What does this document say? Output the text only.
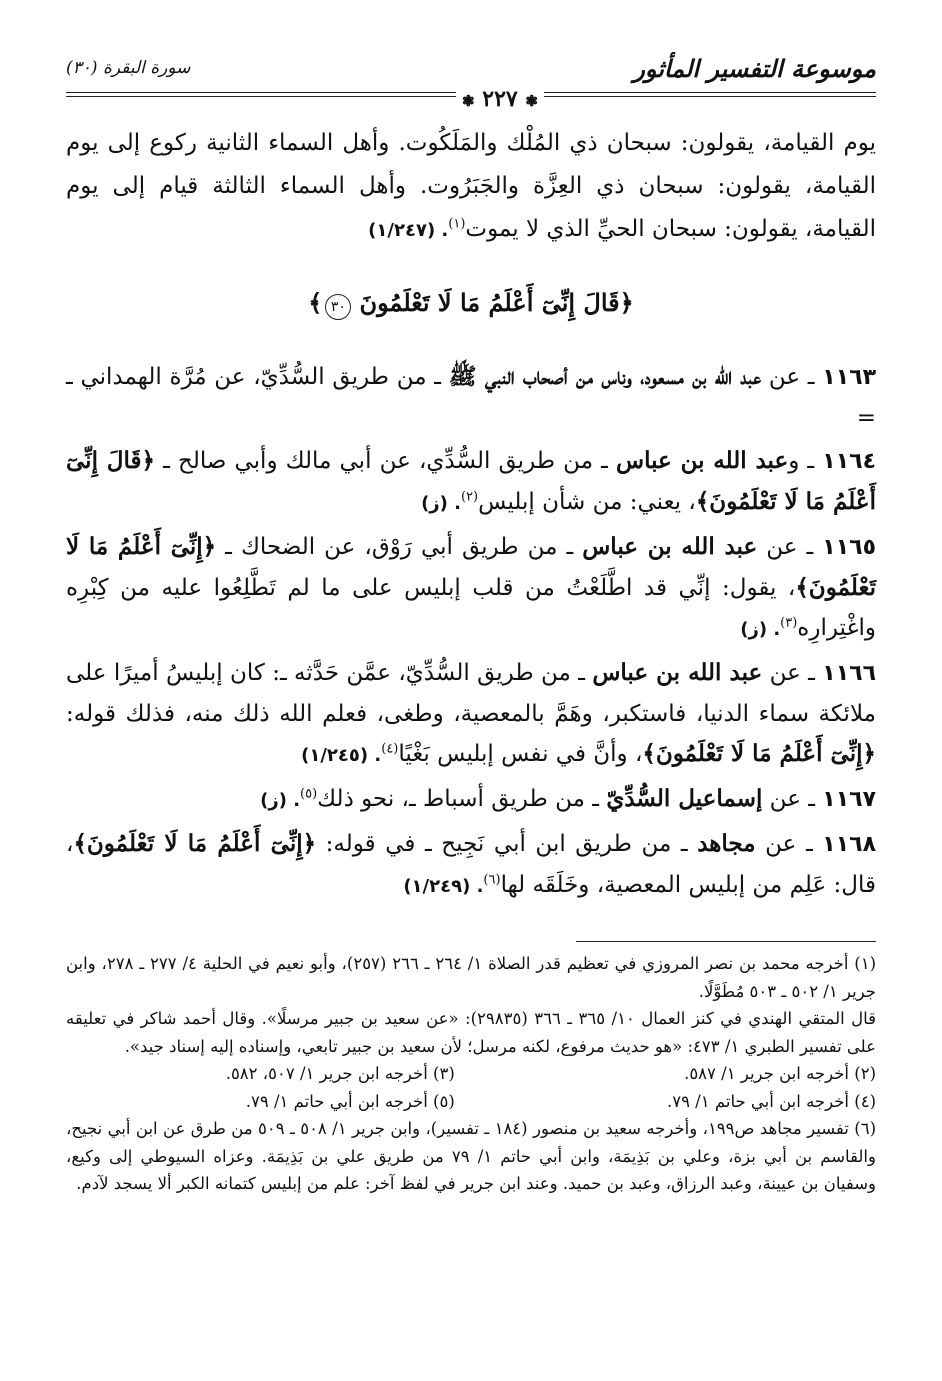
موسوعة التفسير المأثور
سورة البقرة (٣٠)
❃ ٢٢٧ ❃

يوم القيامة، يقولون: سبحان ذي المُلْك والمَلَكُوت. وأهل السماء الثانية ركوع إلى يوم القيامة، يقولون: سبحان ذي العِزَّة والجَبَرُوت. وأهل السماء الثالثة قيام إلى يوم القيامة، يقولون: سبحان الحيِّ الذي لا يموت$^{(١)}$. (١/٢٤٧)

﴿قَالَ إِنِّىٓ أَعْلَمُ مَا لَا تَعْلَمُونَ ٣٠﴾

١١٦٣ ـ عن عبد الله بن مسعود، وناس من أصحاب النبي ﷺ ـ من طريق السُّدِّيّ، عن مُرَّة الهمداني ـ =

١١٦٤ ـ وعبد الله بن عباس ـ من طريق السُّدِّي، عن أبي مالك وأبي صالح ـ ﴿قَالَ إِنِّىٓ أَعْلَمُ مَا لَا تَعْلَمُونَ﴾، يعني: من شأن إبليس$^{(٢)}$. (ز)

١١٦٥ ـ عن عبد الله بن عباس ـ من طريق أبي رَوْق، عن الضحاك ـ ﴿إِنِّىٓ أَعْلَمُ مَا لَا تَعْلَمُونَ﴾، يقول: إنِّي قد اطَّلَعْتُ من قلب إبليس على ما لم تَطَّلِعُوا عليه من كِبْرِه واغْتِرارِه$^{(٣)}$. (ز)

١١٦٦ ـ عن عبد الله بن عباس ـ من طريق السُّدِّيّ، عمَّن حَدَّثه ـ: كان إبليسُ أميرًا على ملائكة سماء الدنيا، فاستكبر، وهَمَّ بالمعصية، وطغى، فعلم الله ذلك منه، فذلك قوله: ﴿إِنِّىٓ أَعْلَمُ مَا لَا تَعْلَمُونَ﴾، وأنَّ في نفس إبليس بَغْيًا$^{(٤)}$. (١/٢٤٥)

١١٦٧ ـ عن إسماعيل السُّدِّيّ ـ من طريق أسباط ـ، نحو ذلك$^{(٥)}$. (ز)

١١٦٨ ـ عن مجاهد ـ من طريق ابن أبي نَجِيح ـ في قوله: ﴿إِنِّىٓ أَعْلَمُ مَا لَا تَعْلَمُونَ﴾، قال: عَلِم من إبليس المعصية، وخَلَقَه لها$^{(٦)}$. (١/٢٤٩)

(١) أخرجه محمد بن نصر المروزي في تعظيم قدر الصلاة ١/ ٢٦٤ ـ ٢٦٦ (٢٥٧)، وأبو نعيم في الحلية ٤/ ٢٧٧ ـ ٢٧٨، وابن جرير ١/ ٥٠٢ ـ ٥٠٣ مُطَوَّلًا.

قال المتقي الهندي في كنز العمال ١٠/ ٣٦٥ ـ ٣٦٦ (٢٩٨٣٥): «عن سعيد بن جبير مرسلًا». وقال أحمد شاكر في تعليقه على تفسير الطبري ١/ ٤٧٣: «هو حديث مرفوع، لكنه مرسل؛ لأن سعيد بن جبير تابعي، وإسناده إليه إسناد جيد».

(٢) أخرجه ابن جرير ١/ ٥٨٧.
(٣) أخرجه ابن جرير ١/ ٥٠٧، ٥٨٢.
(٤) أخرجه ابن أبي حاتم ١/ ٧٩.
(٥) أخرجه ابن أبي حاتم ١/ ٧٩.

(٦) تفسير مجاهد ص١٩٩، وأخرجه سعيد بن منصور (١٨٤ ـ تفسير)، وابن جرير ١/ ٥٠٨ ـ ٥٠٩ من طرق عن ابن أبي نجيح، والقاسم بن أبي بزة، وعلي بن بَذِيمَة، وابن أبي حاتم ١/ ٧٩ من طريق علي بن بَذِيمَة. وعزاه السيوطي إلى وكيع، وسفيان بن عيينة، وعبد الرزاق، وعبد بن حميد. وعند ابن جرير في لفظ آخر: علم من إبليس كتمانه الكبر ألا يسجد لآدم.
